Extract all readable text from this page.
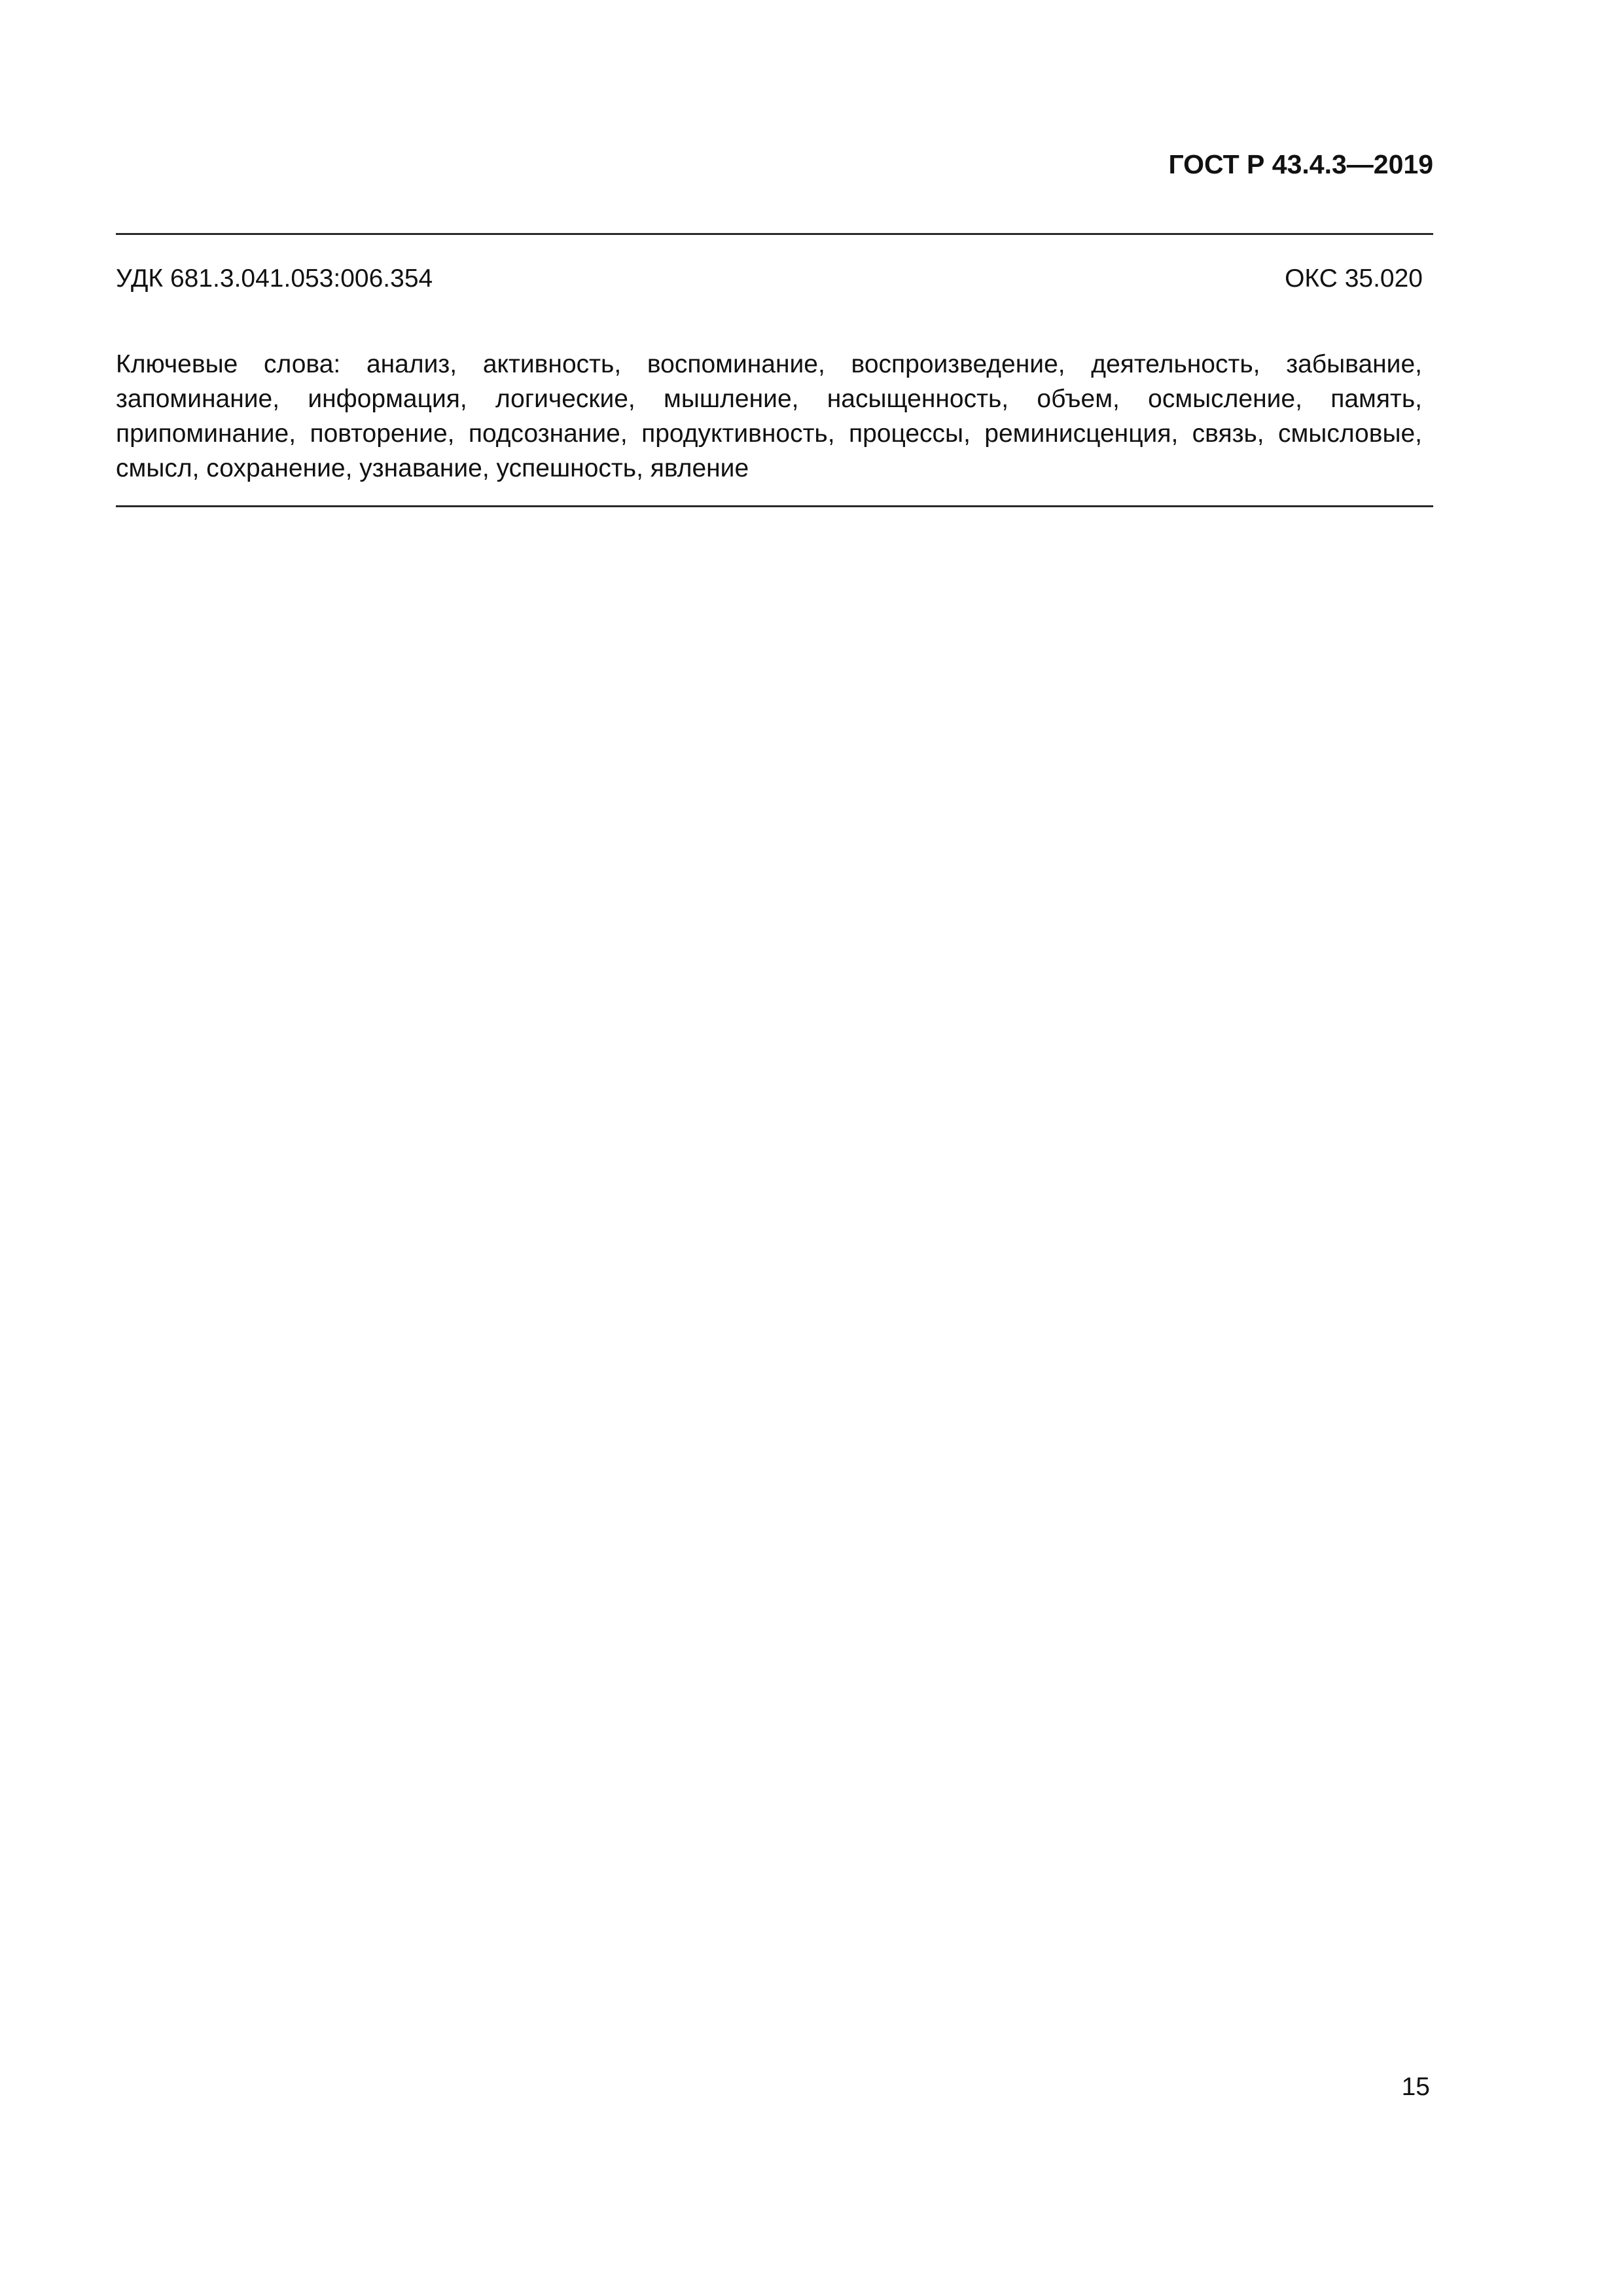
ГОСТ Р 43.4.3—2019
УДК 681.3.041.053:006.354	ОКС 35.020
Ключевые слова: анализ, активность, воспоминание, воспроизведение, деятельность, забывание, запоминание, информация, логические, мышление, насыщенность, объем, осмысление, память, припоминание, повторение, подсознание, продуктивность, процессы, реминисценция, связь, смысловые, смысл, сохранение, узнавание, успешность, явление
15
